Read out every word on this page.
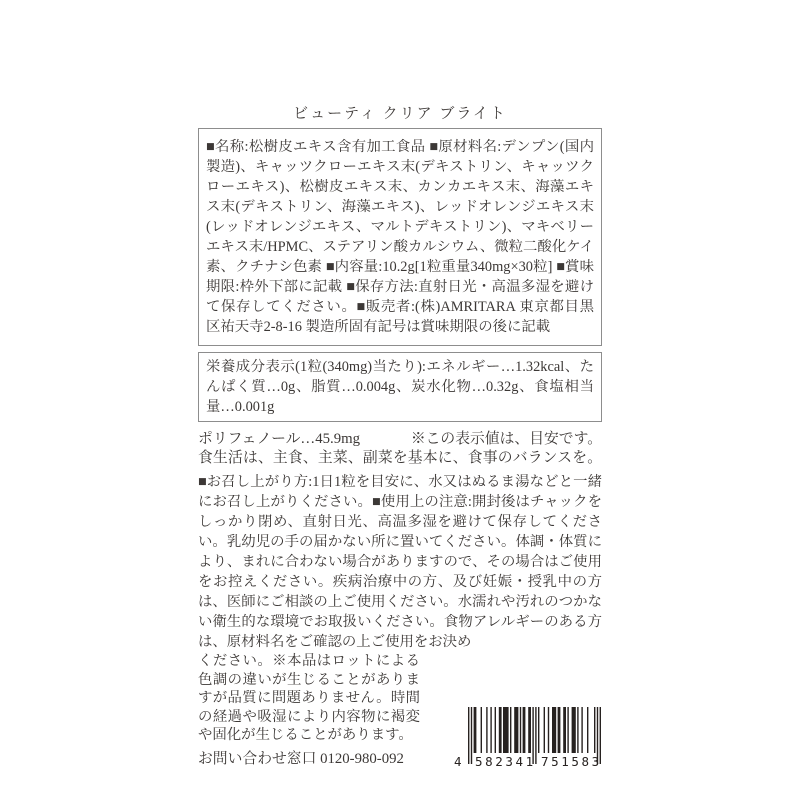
ビューティ クリア ブライト

■名称:松樹皮エキス含有加工食品 ■原材料名:デンプン(国内製造)、キャッツクローエキス末(デキストリン、キャッツクローエキス)、松樹皮エキス末、カンカエキス末、海藻エキス末(デキストリン、海藻エキス)、レッドオレンジエキス末(レッドオレンジエキス、マルトデキストリン)、マキベリーエキス末/HPMC、ステアリン酸カルシウム、微粒二酸化ケイ素、クチナシ色素 ■内容量:10.2g[1粒重量340mg×30粒] ■賞味期限:枠外下部に記載 ■保存方法:直射日光・高温多湿を避けて保存してください。■販売者:(株)AMRITARA 東京都目黒区祐天寺2-8-16 製造所固有記号は賞味期限の後に記載

栄養成分表示(1粒(340mg)当たり):エネルギー…1.32kcal、たんぱく質…0g、脂質…0.004g、炭水化物…0.32g、食塩相当量…0.001g

ポリフェノール…45.9mg	※この表示値は、目安です。
食生活は、主食、主菜、副菜を基本に、食事のバランスを。

■お召し上がり方:1日1粒を目安に、水又はぬるま湯などと一緒にお召し上がりください。■使用上の注意:開封後はチャックをしっかり閉め、直射日光、高温多湿を避けて保存してください。乳幼児の手の届かない所に置いてください。体調・体質により、まれに合わない場合がありますので、その場合はご使用をお控えください。疾病治療中の方、及び妊娠・授乳中の方は、医師にご相談の上ご使用ください。水濡れや汚れのつかない衛生的な環境でお取扱いください。食物アレルギーのある方は、原材料名をご確認の上ご使用をお決め

ください。※本品はロットによる色調の違いが生じることがありますが品質に問題ありません。時間の経過や吸湿により内容物に褐変や固化が生じることがあります。

お問い合わせ窓口 0120-980-092	4 582341 751583
